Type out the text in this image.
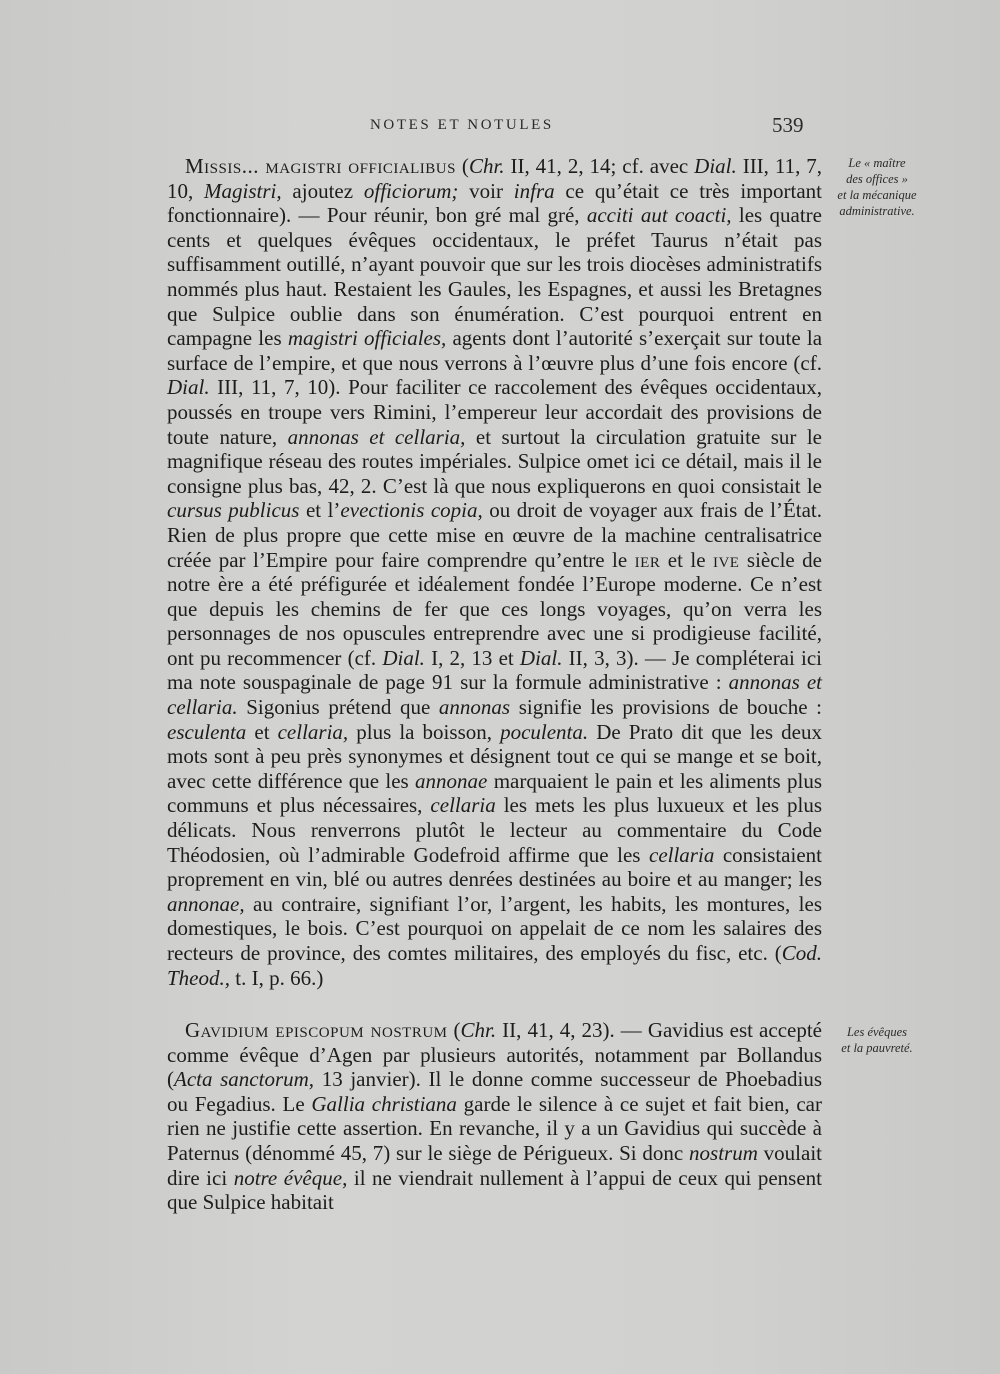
NOTES ET NOTULES	539
Le « maître
des offices »
et la mécanique
administrative.
Les évêques
et la pauvreté.
Missis... magistri officialibus (Chr. II, 41, 2, 14; cf. avec Dial. III, 11, 7, 10, Magistri, ajoutez officiorum; voir infra ce qu’était ce très important fonctionnaire). — Pour réunir, bon gré mal gré, acciti aut coacti, les quatre cents et quelques évêques occidentaux, le préfet Taurus n’était pas suffisamment outillé, n’ayant pouvoir que sur les trois diocèses administratifs nommés plus haut. Restaient les Gaules, les Espagnes, et aussi les Bretagnes que Sulpice oublie dans son énumération. C’est pourquoi entrent en campagne les magistri officiales, agents dont l’autorité s’exerçait sur toute la surface de l’empire, et que nous verrons à l’œuvre plus d’une fois encore (cf. Dial. III, 11, 7, 10). Pour faciliter ce raccolement des évêques occidentaux, poussés en troupe vers Rimini, l’empereur leur accordait des provisions de toute nature, annonas et cellaria, et surtout la circulation gratuite sur le magnifique réseau des routes impériales. Sulpice omet ici ce détail, mais il le consigne plus bas, 42, 2. C’est là que nous expliquerons en quoi consistait le cursus publicus et l’evectionis copia, ou droit de voyager aux frais de l’État. Rien de plus propre que cette mise en œuvre de la machine centralisatrice créée par l’Empire pour faire comprendre qu’entre le ier et le ive siècle de notre ère a été préfigurée et idéalement fondée l’Europe moderne. Ce n’est que depuis les chemins de fer que ces longs voyages, qu’on verra les personnages de nos opuscules entreprendre avec une si prodigieuse facilité, ont pu recommencer (cf. Dial. I, 2, 13 et Dial. II, 3, 3). — Je compléterai ici ma note souspaginale de page 91 sur la formule administrative : annonas et cellaria. Sigonius prétend que annonas signifie les provisions de bouche : esculenta et cellaria, plus la boisson, poculenta. De Prato dit que les deux mots sont à peu près synonymes et désignent tout ce qui se mange et se boit, avec cette différence que les annonae marquaient le pain et les aliments plus communs et plus nécessaires, cellaria les mets les plus luxueux et les plus délicats. Nous renverrons plutôt le lecteur au commentaire du Code Théodosien, où l’admirable Godefroid affirme que les cellaria consistaient proprement en vin, blé ou autres denrées destinées au boire et au manger; les annonae, au contraire, signifiant l’or, l’argent, les habits, les montures, les domestiques, le bois. C’est pourquoi on appelait de ce nom les salaires des recteurs de province, des comtes militaires, des employés du fisc, etc. (Cod. Theod., t. I, p. 66.)
Gavidium episcopum nostrum (Chr. II, 41, 4, 23). — Gavidius est accepté comme évêque d’Agen par plusieurs autorités, notamment par Bollandus (Acta sanctorum, 13 janvier). Il le donne comme successeur de Phoebadius ou Fegadius. Le Gallia christiana garde le silence à ce sujet et fait bien, car rien ne justifie cette assertion. En revanche, il y a un Gavidius qui succède à Paternus (dénommé 45, 7) sur le siège de Périgueux. Si donc nostrum voulait dire ici notre évêque, il ne viendrait nullement à l’appui de ceux qui pensent que Sulpice habitait
